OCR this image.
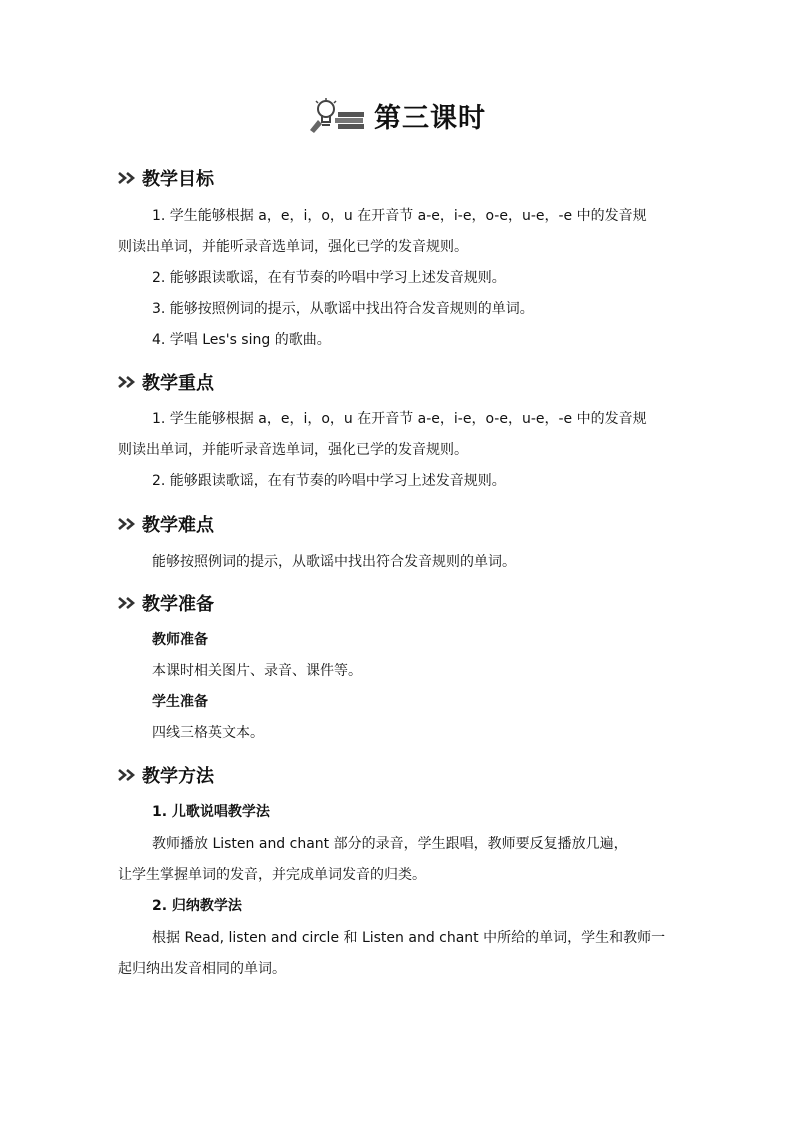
第三课时
教学目标
1. 学生能够根据 a，e，i，o，u 在开音节 a-e，i-e，o-e，u-e，-e 中的发音规
则读出单词，并能听录音选单词，强化已学的发音规则。
2. 能够跟读歌谣，在有节奏的吟唱中学习上述发音规则。
3. 能够按照例词的提示，从歌谣中找出符合发音规则的单词。
4. 学唱 Les's sing 的歌曲。
教学重点
1. 学生能够根据 a，e，i，o，u 在开音节 a-e，i-e，o-e，u-e，-e 中的发音规
则读出单词，并能听录音选单词，强化已学的发音规则。
2. 能够跟读歌谣，在有节奏的吟唱中学习上述发音规则。
教学难点
能够按照例词的提示，从歌谣中找出符合发音规则的单词。
教学准备
教师准备
本课时相关图片、录音、课件等。
学生准备
四线三格英文本。
教学方法
1. 儿歌说唱教学法
教师播放 Listen and chant 部分的录音，学生跟唱，教师要反复播放几遍，
让学生掌握单词的发音，并完成单词发音的归类。
2. 归纳教学法
根据 Read, listen and circle 和 Listen and chant 中所给的单词，学生和教师一
起归纳出发音相同的单词。
